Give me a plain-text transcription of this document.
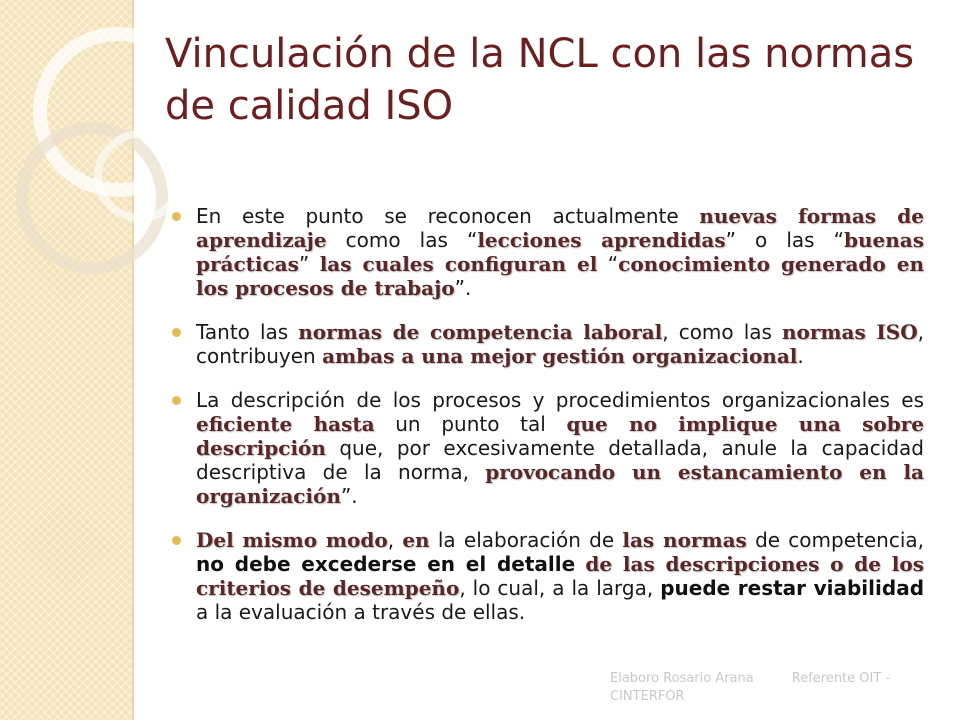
Vinculación de la NCL con las normas de calidad ISO
En este punto se reconocen actualmente nuevas formas de aprendizaje como las “lecciones aprendidas” o las “buenas prácticas” las cuales configuran el “conocimiento generado en los procesos de trabajo”.
Tanto las normas de competencia laboral, como las normas ISO, contribuyen ambas a una mejor gestión organizacional.
La descripción de los procesos y procedimientos organizacionales es eficiente hasta un punto tal que no implique una sobre descripción que, por excesivamente detallada, anule la capacidad descriptiva de la norma, provocando un estancamiento en la organización”.
Del mismo modo, en la elaboración de las normas de competencia, no debe excederse en el detalle de las descripciones o de los criterios de desempeño, lo cual, a la larga, puede restar viabilidad a la evaluación a través de ellas.
Elaboro Rosario Arana	Referente OIT - CINTERFOR
